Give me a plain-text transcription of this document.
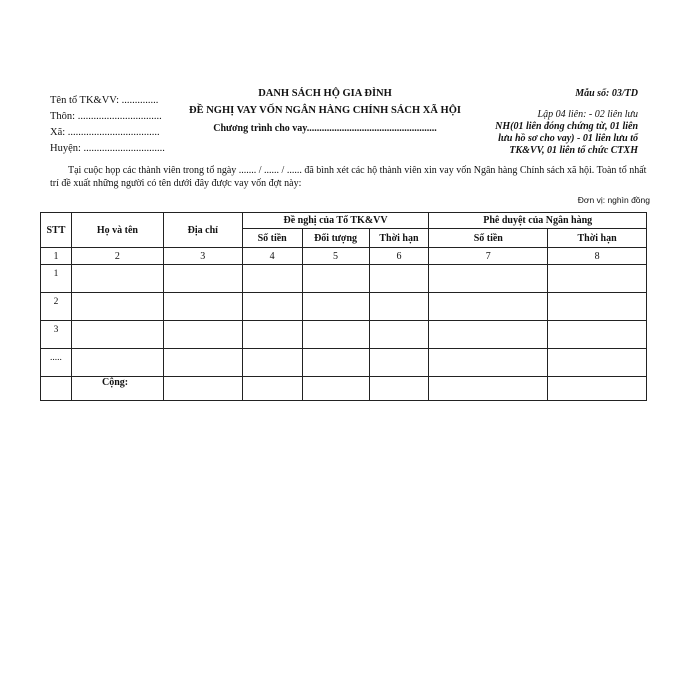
Tên tổ TK&VV: ..............
Thôn: ................................
Xã: ...................................
Huyện: ...............................
DANH SÁCH HỘ GIA ĐÌNH
ĐỀ NGHỊ VAY VỐN NGÂN HÀNG CHÍNH SÁCH XÃ HỘI
Chương trình cho vay....................................................
Mẫu số: 03/TD
Lập 04 liên: - 02 liên lưu
NH(01 liên đóng chứng từ, 01 liên lưu hồ sơ cho vay) - 01 liên lưu tổ TK&VV, 01 liên tổ chức CTXH
Tại cuộc họp các thành viên trong tổ ngày ....... / ...... / ...... đã bình xét các hộ thành viên xin vay vốn Ngân hàng Chính sách xã hội. Toàn tổ nhất trí đề xuất những người có tên dưới đây được vay vốn đợt này:
Đơn vị: nghìn đồng
STT	Họ và tên	Địa chỉ	Đề nghị của Tổ TK&VV			Phê duyệt của Ngân hàng	
			Số tiền	Đối tượng	Thời hạn	Số tiền	Thời hạn
1	2	3	4	5	6	7	8
1							
2							
3							
.....							
	Cộng:						
